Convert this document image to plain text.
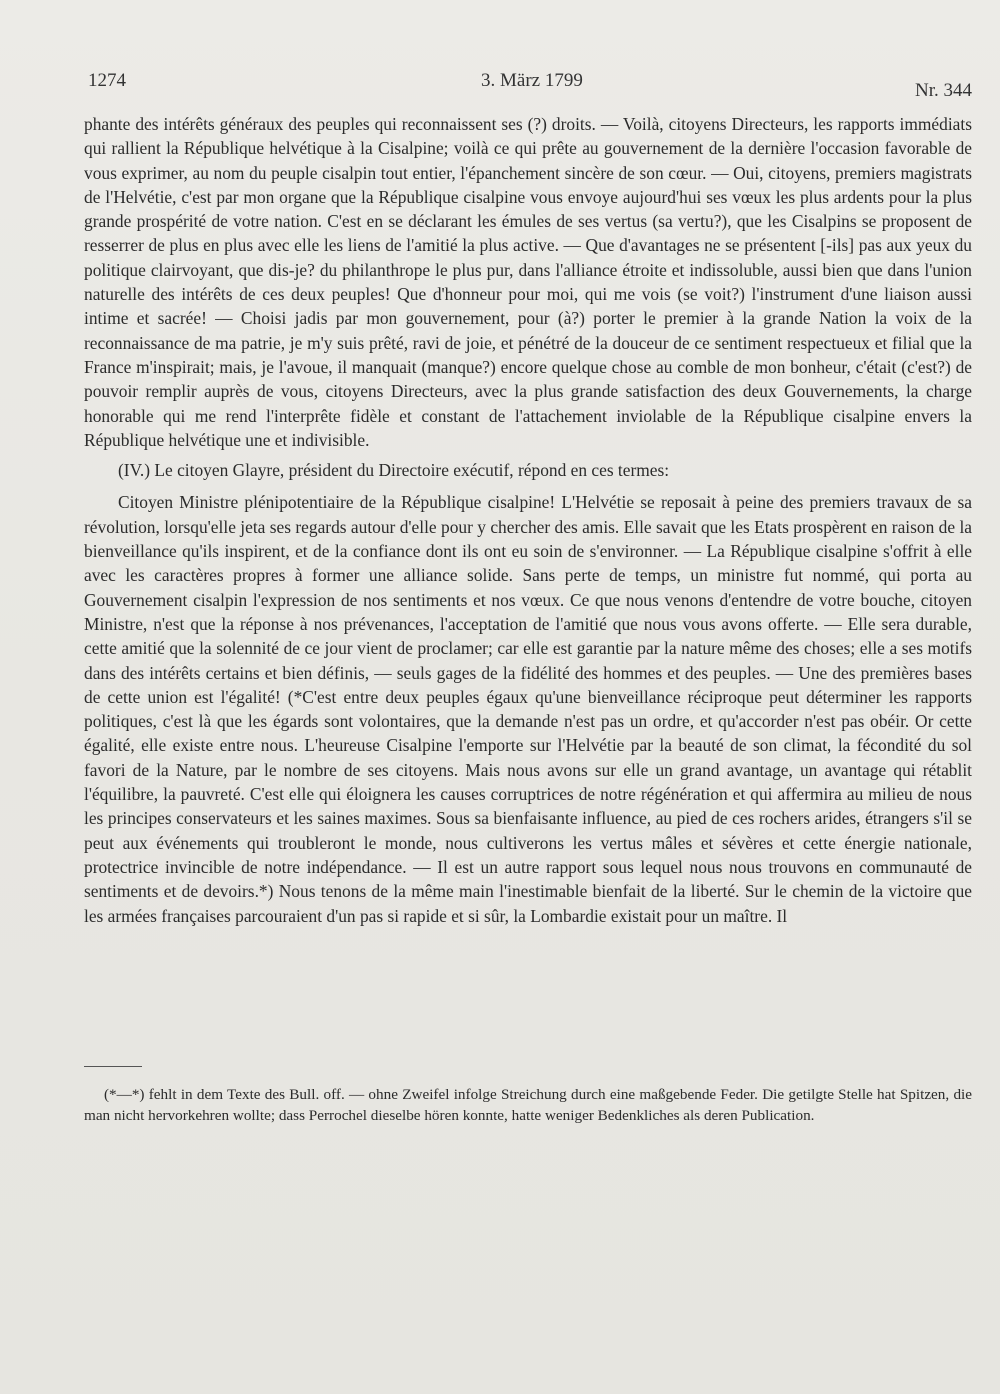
1274	3. März 1799	Nr. 344

phante des intérêts généraux des peuples qui reconnaissent ses (?) droits. — Voilà, citoyens Directeurs, les rapports immédiats qui rallient la République helvétique à la Cisalpine; voilà ce qui prête au gouvernement de la dernière l'occasion favorable de vous exprimer, au nom du peuple cisalpin tout entier, l'épanchement sincère de son cœur. — Oui, citoyens, premiers magistrats de l'Helvétie, c'est par mon organe que la République cisalpine vous envoye aujourd'hui ses vœux les plus ardents pour la plus grande prospérité de votre nation. C'est en se déclarant les émules de ses vertus (sa vertu?), que les Cisalpins se proposent de resserrer de plus en plus avec elle les liens de l'amitié la plus active. — Que d'avantages ne se présentent [-ils] pas aux yeux du politique clairvoyant, que dis-je? du philanthrope le plus pur, dans l'alliance étroite et indissoluble, aussi bien que dans l'union naturelle des intérêts de ces deux peuples! Que d'honneur pour moi, qui me vois (se voit?) l'instrument d'une liaison aussi intime et sacrée! — Choisi jadis par mon gouvernement, pour (à?) porter le premier à la grande Nation la voix de la reconnaissance de ma patrie, je m'y suis prêté, ravi de joie, et pénétré de la douceur de ce sentiment respectueux et filial que la France m'inspirait; mais, je l'avoue, il manquait (manque?) encore quelque chose au comble de mon bonheur, c'était (c'est?) de pouvoir remplir auprès de vous, citoyens Directeurs, avec la plus grande satisfaction des deux Gouvernements, la charge honorable qui me rend l'interprête fidèle et constant de l'attachement inviolable de la République cisalpine envers la République helvétique une et indivisible.

(IV.) Le citoyen Glayre, président du Directoire exécutif, répond en ces termes:

Citoyen Ministre plénipotentiaire de la République cisalpine! L'Helvétie se reposait à peine des premiers travaux de sa révolution, lorsqu'elle jeta ses regards autour d'elle pour y chercher des amis. Elle savait que les Etats prospèrent en raison de la bienveillance qu'ils inspirent, et de la confiance dont ils ont eu soin de s'environner. — La République cisalpine s'offrit à elle avec les caractères propres à former une alliance solide. Sans perte de temps, un ministre fut nommé, qui porta au Gouvernement cisalpin l'expression de nos sentiments et nos vœux. Ce que nous venons d'entendre de votre bouche, citoyen Ministre, n'est que la réponse à nos prévenances, l'acceptation de l'amitié que nous vous avons offerte. — Elle sera durable, cette amitié que la solennité de ce jour vient de proclamer; car elle est garantie par la nature même des choses; elle a ses motifs dans des intérêts certains et bien définis, — seuls gages de la fidélité des hommes et des peuples. — Une des premières bases de cette union est l'égalité! (*C'est entre deux peuples égaux qu'une bienveillance réciproque peut déterminer les rapports politiques, c'est là que les égards sont volontaires, que la demande n'est pas un ordre, et qu'accorder n'est pas obéir. Or cette égalité, elle existe entre nous. L'heureuse Cisalpine l'emporte sur l'Helvétie par la beauté de son climat, la fécondité du sol favori de la Nature, par le nombre de ses citoyens. Mais nous avons sur elle un grand avantage, un avantage qui rétablit l'équilibre, la pauvreté. C'est elle qui éloignera les causes corruptrices de notre régénération et qui affermira au milieu de nous les principes conservateurs et les saines maximes. Sous sa bienfaisante influence, au pied de ces rochers arides, étrangers s'il se peut aux événements qui troubleront le monde, nous cultiverons les vertus mâles et sévères et cette énergie nationale, protectrice invincible de notre indépendance. — Il est un autre rapport sous lequel nous nous trouvons en communauté de sentiments et de devoirs.*) Nous tenons de la même main l'inestimable bienfait de la liberté. Sur le chemin de la victoire que les armées françaises parcouraient d'un pas si rapide et si sûr, la Lombardie existait pour un maître. Il

(*—*) fehlt in dem Texte des Bull. off. — ohne Zweifel infolge Streichung durch eine maßgebende Feder. Die getilgte Stelle hat Spitzen, die man nicht hervorkehren wollte; dass Perrochel dieselbe hören konnte, hatte weniger Bedenkliches als deren Publication.
